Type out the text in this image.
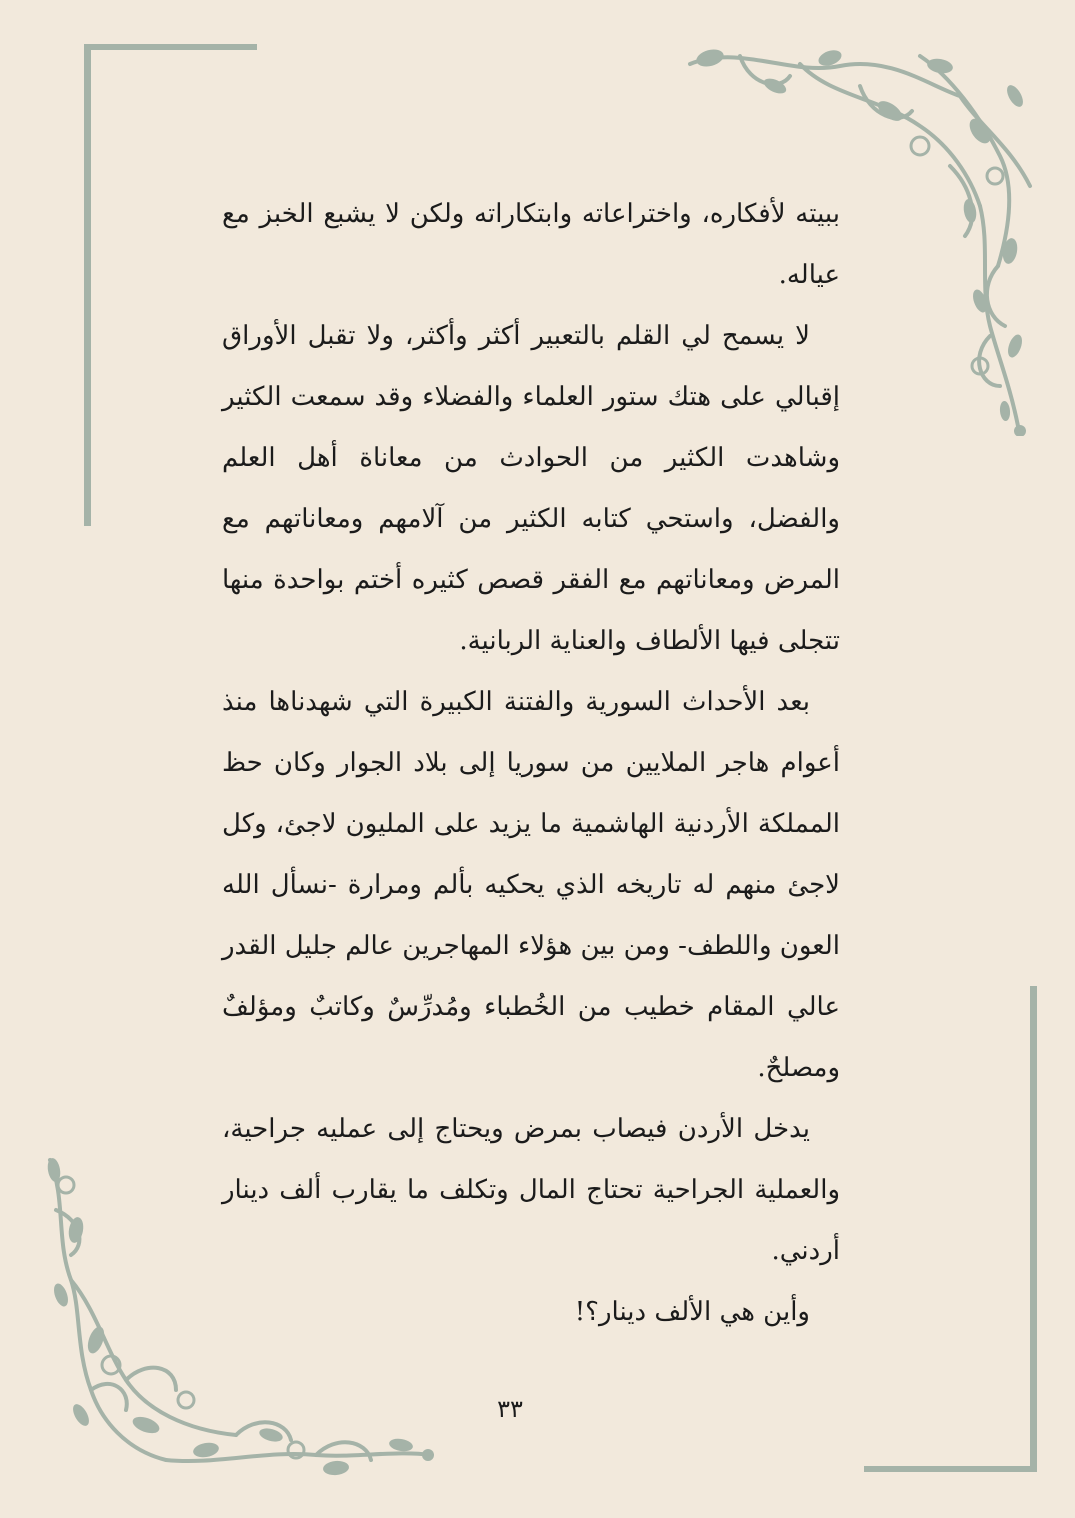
ببيته لأفكاره، واختراعاته وابتكاراته ولكن لا يشبع الخبز مع عياله.

لا يسمح لي القلم بالتعبير أكثر وأكثر، ولا تقبل الأوراق إقبالي على هتك ستور العلماء والفضلاء وقد سمعت الكثير وشاهدت الكثير من الحوادث من معاناة أهل العلم والفضل، واستحي كتابه الكثير من آلامهم ومعاناتهم مع المرض ومعاناتهم مع الفقر قصص كثيره أختم بواحدة منها تتجلى فيها الألطاف والعناية الربانية.

بعد الأحداث السورية والفتنة الكبيرة التي شهدناها منذ أعوام هاجر الملايين من سوريا إلى بلاد الجوار وكان حظ المملكة الأردنية الهاشمية ما يزيد على المليون لاجئ، وكل لاجئ منهم له تاريخه الذي يحكيه بألم ومرارة -نسأل الله العون واللطف- ومن بين هؤلاء المهاجرين عالم جليل القدر عالي المقام خطيب من الخُطباء ومُدرِّسٌ وكاتبٌ ومؤلفٌ ومصلحٌ.

يدخل الأردن فيصاب بمرض ويحتاج إلى عمليه جراحية، والعملية الجراحية تحتاج المال وتكلف ما يقارب ألف دينار أردني.

وأين هي الألف دينار؟!

٣٣
